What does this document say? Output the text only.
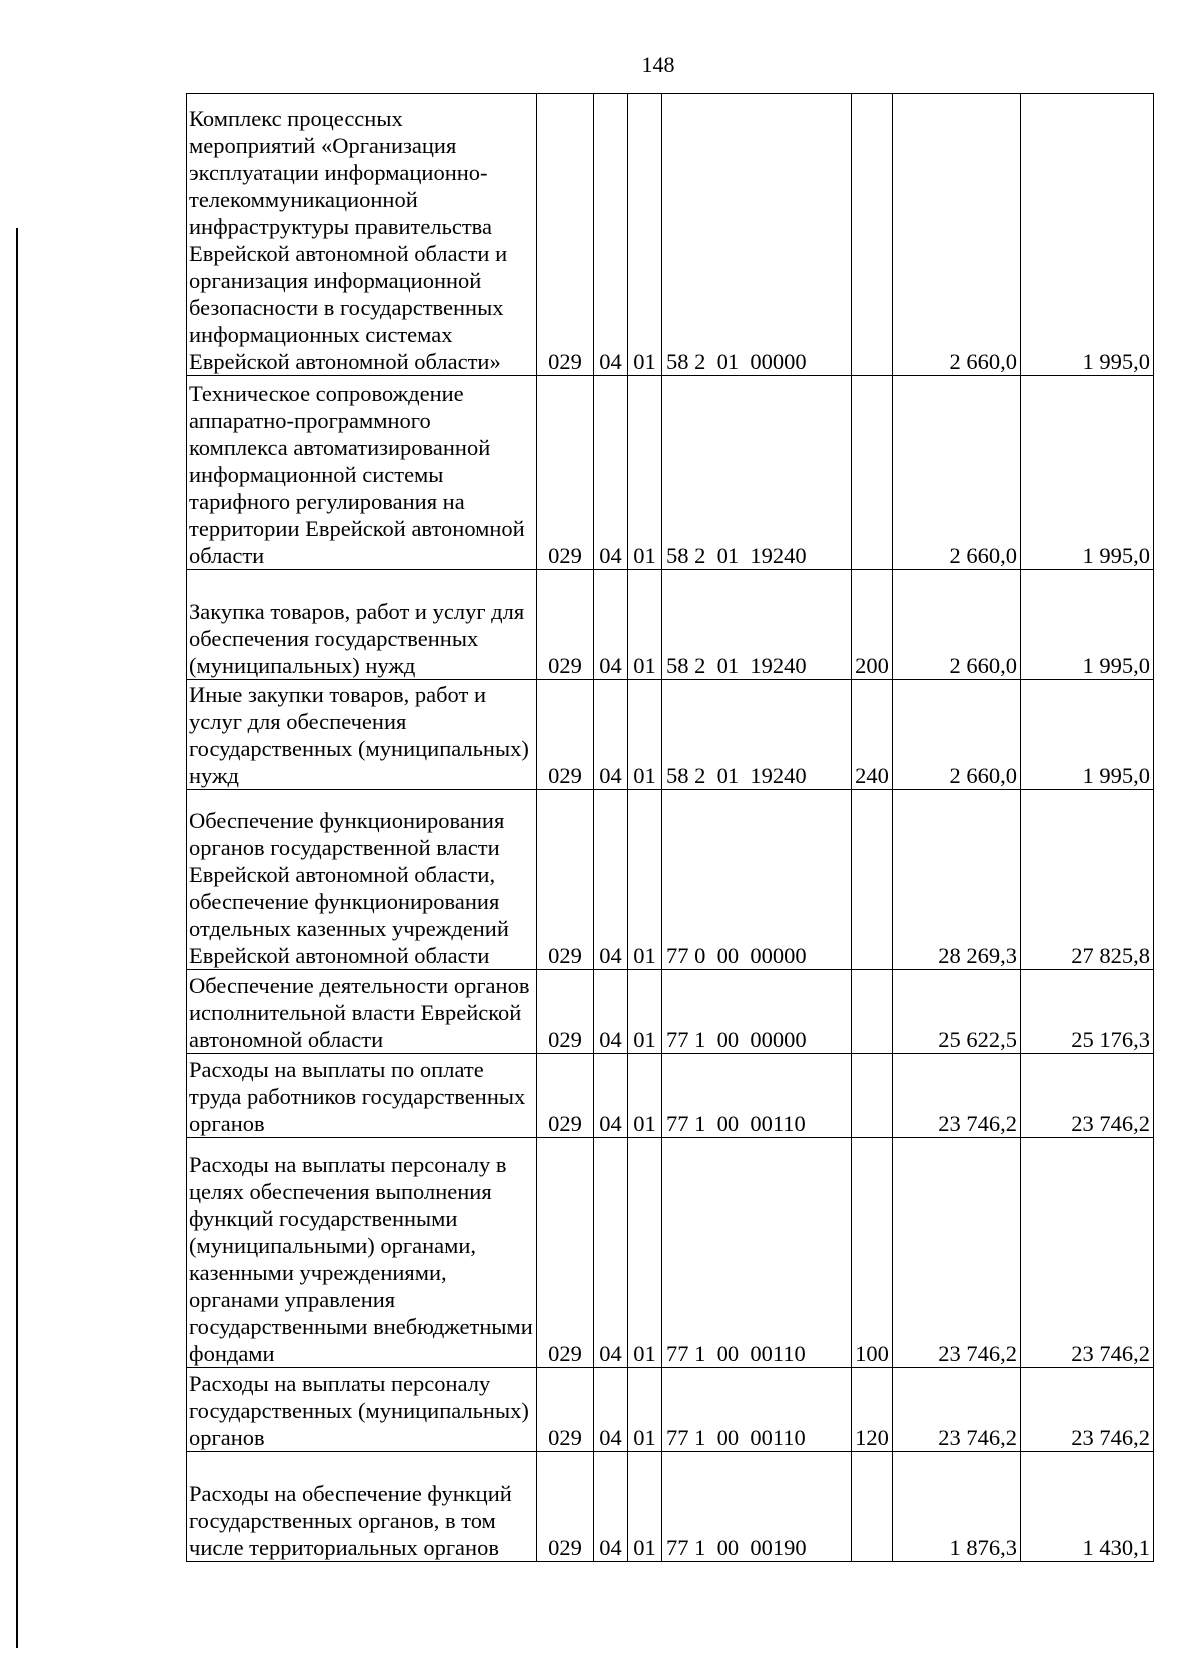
148
Комплекс процессных мероприятий «Организация эксплуатации информационно-телекоммуникационной инфраструктуры правительства Еврейской автономной области и организация информационной безопасности в государственных информационных системах Еврейской автономной области»	029	04	01	58 2  01  00000		2 660,0	1 995,0
Техническое сопровождение аппаратно-программного комплекса автоматизированной информационной системы тарифного регулирования на территории Еврейской автономной области	029	04	01	58 2  01  19240		2 660,0	1 995,0
Закупка товаров, работ и услуг для обеспечения государственных (муниципальных) нужд	029	04	01	58 2  01  19240	200	2 660,0	1 995,0
Иные закупки товаров, работ и услуг для обеспечения государственных (муниципальных) нужд	029	04	01	58 2  01  19240	240	2 660,0	1 995,0
Обеспечение функционирования органов государственной власти Еврейской автономной области, обеспечение функционирования отдельных казенных учреждений Еврейской автономной области	029	04	01	77 0  00  00000		28 269,3	27 825,8
Обеспечение деятельности органов исполнительной власти Еврейской автономной области	029	04	01	77 1  00  00000		25 622,5	25 176,3
Расходы на выплаты по оплате труда работников государственных органов	029	04	01	77 1  00  00110		23 746,2	23 746,2
Расходы на выплаты персоналу в целях обеспечения выполнения функций государственными (муниципальными) органами, казенными учреждениями, органами управления государственными внебюджетными фондами	029	04	01	77 1  00  00110	100	23 746,2	23 746,2
Расходы на выплаты персоналу государственных (муниципальных) органов	029	04	01	77 1  00  00110	120	23 746,2	23 746,2
Расходы на обеспечение функций государственных органов, в том числе территориальных органов	029	04	01	77 1  00  00190		1 876,3	1 430,1
